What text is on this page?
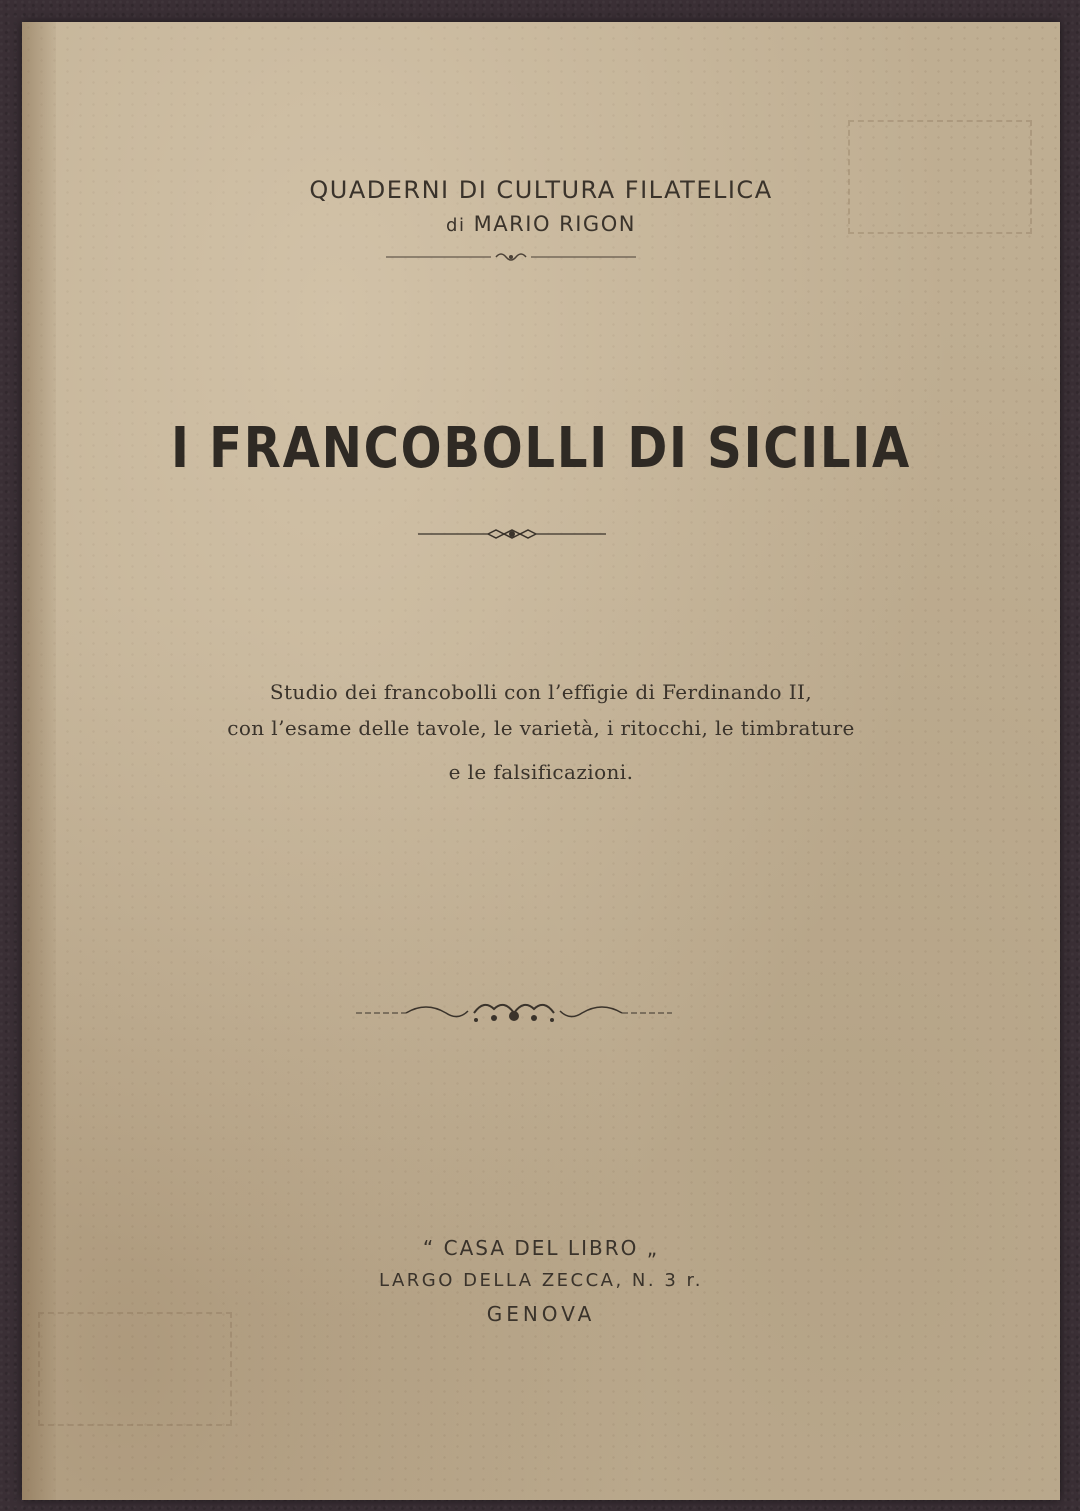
QUADERNI DI CULTURA FILATELICA
di MARIO RIGON
I FRANCOBOLLI DI SICILIA
Studio dei francobolli con l’effigie di Ferdinando II,
con l’esame delle tavole, le varietà, i ritocchi, le timbrature
e le falsificazioni.
“ CASA DEL LIBRO „
LARGO DELLA ZECCA, N. 3 r.
GENOVA
